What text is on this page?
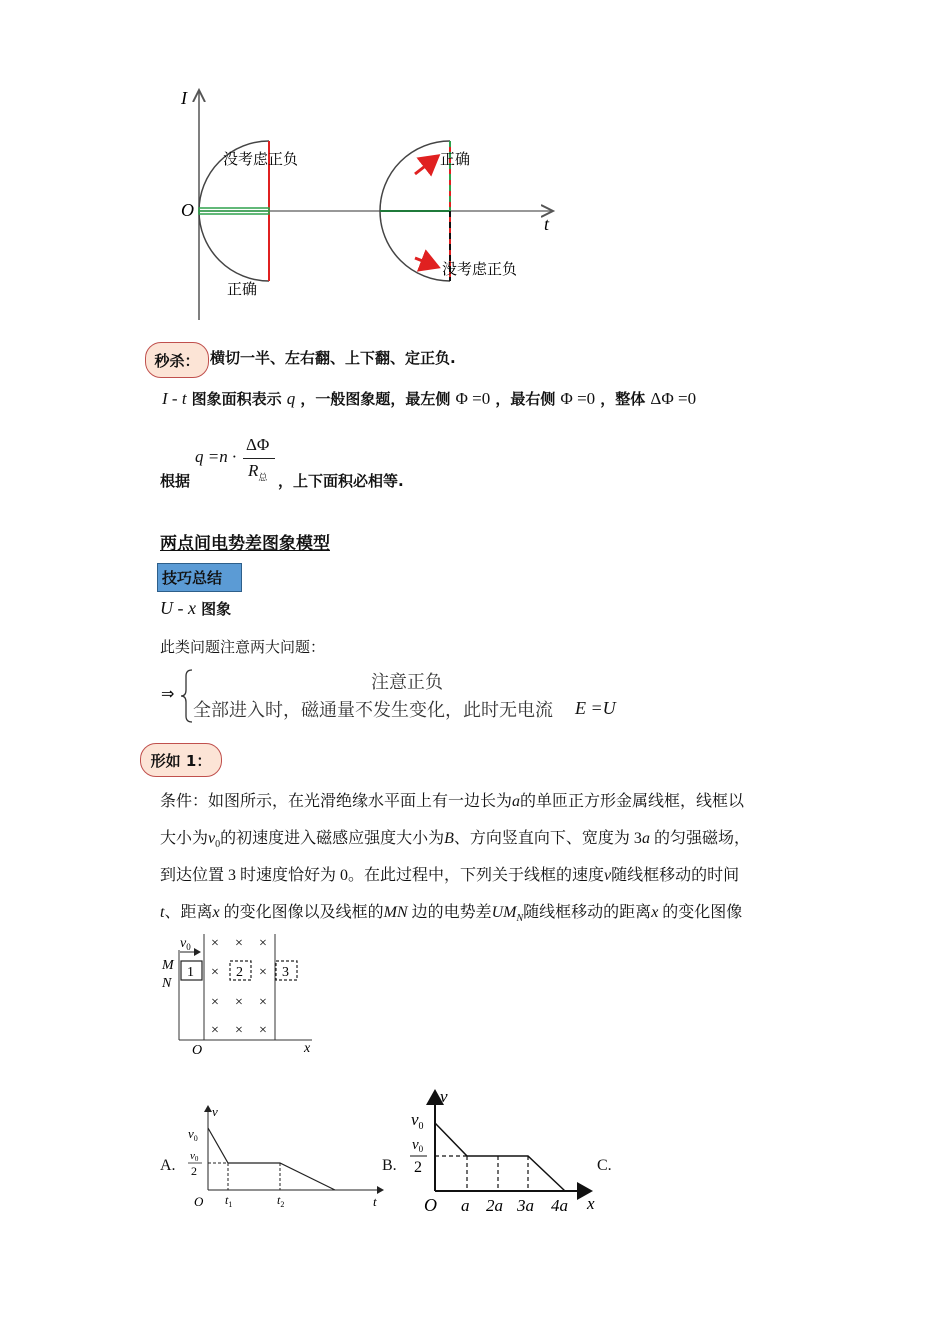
I
t
O
没考虑正负
正确
正确
没考虑正负
秒杀： 横切一半、左右翻、上下翻、定正负.
I - t 图象面积表示 q ，一般图象题，最左侧 Φ =0 ，最右侧 Φ =0 ，整体 ΔΦ =0
根据
q =n ·
ΔΦ
$R_总$ ，上下面积必相等.
两点间电势差图象模型
技巧总结
U - x 图象
此类问题注意两大问题：
⇒
注意正负
全部进入时，磁通量不发生变化，此时无电流 E =U
形如 1：
条件：如图所示，在光滑绝缘水平面上有一边长为a的单匝正方形金属线框，线框以
大小为$v_0$的初速度进入磁感应强度大小为B、方向竖直向下、宽度为 3a 的匀强磁场，
到达位置 3 时速度恰好为 0。在此过程中，下列关于线框的速度v随线框移动的时间
t、距离x 的变化图像以及线框的MN 边的电势差$UM_N$随线框移动的距离x 的变化图像
$v_0$
M
N
1	2	3
× × ×
×	×
× × ×
× × ×
O	x
A.
v
$v_0$
v0
2
O $t_1$	$t_2$	t
B.
v
$v_0$
$v_0$
2
O a 2a 3a 4a x
C.
